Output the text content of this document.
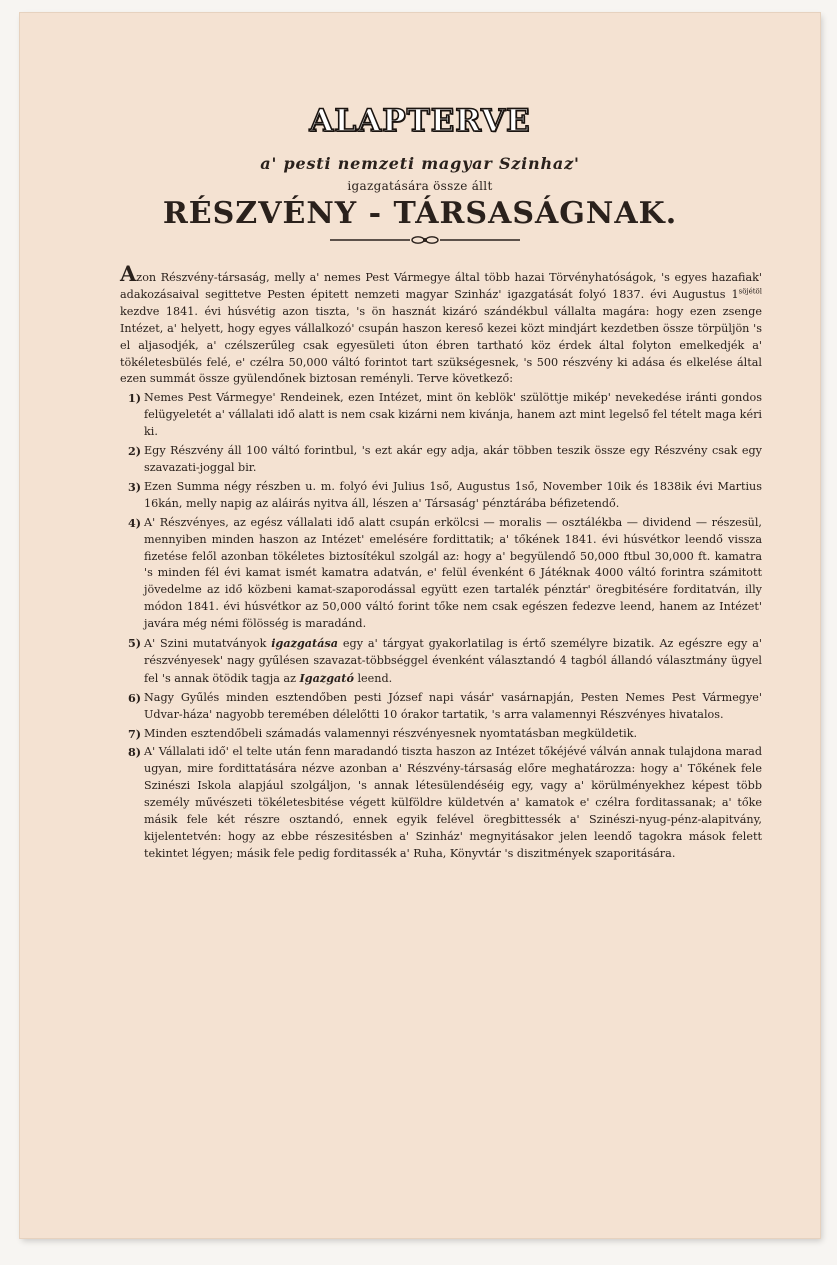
ALAPTERVE
a' pesti nemzeti magyar Szinhaz'
igazgatására össze állt
RÉSZVÉNY - TÁRSASÁGNAK.

Azon Részvény-társaság, melly a' nemes Pest Vármegye által több hazai Törvényhatóságok, 's egyes hazafiak' adakozásaival segittetve Pesten épitett nemzeti magyar Szinház' igazgatását folyó 1837. évi Augustus $1^{söjétöl}$ kezdve 1841. évi húsvétig azon tiszta, 's ön hasznát kizáró szándékbul vállalta magára: hogy ezen zsenge Intézet, a' helyett, hogy egyes vállalkozó' csupán haszon kereső kezei közt mindjárt kezdetben össze törpüljön 's el aljasodjék, a' czélszerűleg csak egyesületi úton ébren tartható köz érdek által folyton emelkedjék a' tökéletesbülés felé, e' czélra 50,000 váltó forintot tart szükségesnek, 's 500 részvény ki adása és elkelése által ezen summát össze gyülendőnek biztosan reményli. Terve következő:

1) Nemes Pest Vármegye' Rendeinek, ezen Intézet, mint ön keblök' szülöttje mikép' nevekedése iránti gondos felügyeletét a' vállalati idő alatt is nem csak kizárni nem kivánja, hanem azt mint legelső fel tételt maga kéri ki.
2) Egy Részvény áll 100 váltó forintbul, 's ezt akár egy adja, akár többen teszik össze egy Részvény csak egy szavazati-joggal bir.
3) Ezen Summa négy részben u. m. folyó évi Julius 1ső, Augustus 1ső, November 10ik és 1838ik évi Martius 16kán, melly napig az aláirás nyitva áll, lészen a' Társaság' pénztárába béfizetendő.
4) A' Részvényes, az egész vállalati idő alatt csupán erkölcsi — moralis — osztálékba — dividend — részesül, mennyiben minden haszon az Intézet' emelésére fordittatik; a' tőkének 1841. évi húsvétkor leendő vissza fizetése felől azonban tökéletes biztosítékul szolgál az: hogy a' begyülendő 50,000 ftbul 30,000 ft. kamatra 's minden fél évi kamat ismét kamatra adatván, e' felül évenként 6 Játéknak 4000 váltó forintra számitott jövedelme az idő közbeni kamat-szaporodással együtt ezen tartalék pénztár' öregbitésére forditatván, illy módon 1841. évi húsvétkor az 50,000 váltó forint tőke nem csak egészen fedezve leend, hanem az Intézet' javára még némi fölösség is maradánd.
5) A' Szini mutatványok igazgatása egy a' tárgyat gyakorlatilag is értő személyre bizatik. Az egészre egy a' részvényesek' nagy gyűlésen szavazat-többséggel évenként választandó 4 tagból állandó választmány ügyel fel 's annak ötödik tagja az Igazgató leend.
6) Nagy Gyűlés minden esztendőben pesti József napi vásár' vasárnapján, Pesten Nemes Pest Vármegye' Udvar-háza' nagyobb teremében délelőtti 10 órakor tartatik, 's arra valamennyi Részvényes hivatalos.
7) Minden esztendőbeli számadás valamennyi részvényesnek nyomtatásban megküldetik.
8) A' Vállalati idő' el telte után fenn maradandó tiszta haszon az Intézet tőkéjévé válván annak tulajdona marad ugyan, mire fordittatására nézve azonban a' Részvény-társaság előre meghatározza: hogy a' Tőkének fele Szinészi Iskola alapjául szolgáljon, 's annak létesülendéséig egy, vagy a' körülményekhez képest több személy művészeti tökéletesbitése végett külföldre küldetvén a' kamatok e' czélra forditassanak; a' tőke másik fele két részre osztandó, ennek egyik felével öregbittessék a' Szinészi-nyug-pénz-alapitvány, kijelentetvén: hogy az ebbe részesitésben a' Szinház' megnyitásakor jelen leendő tagokra mások felett tekintet légyen; másik fele pedig forditassék a' Ruha, Könyvtár 's diszitmények szaporitására.
